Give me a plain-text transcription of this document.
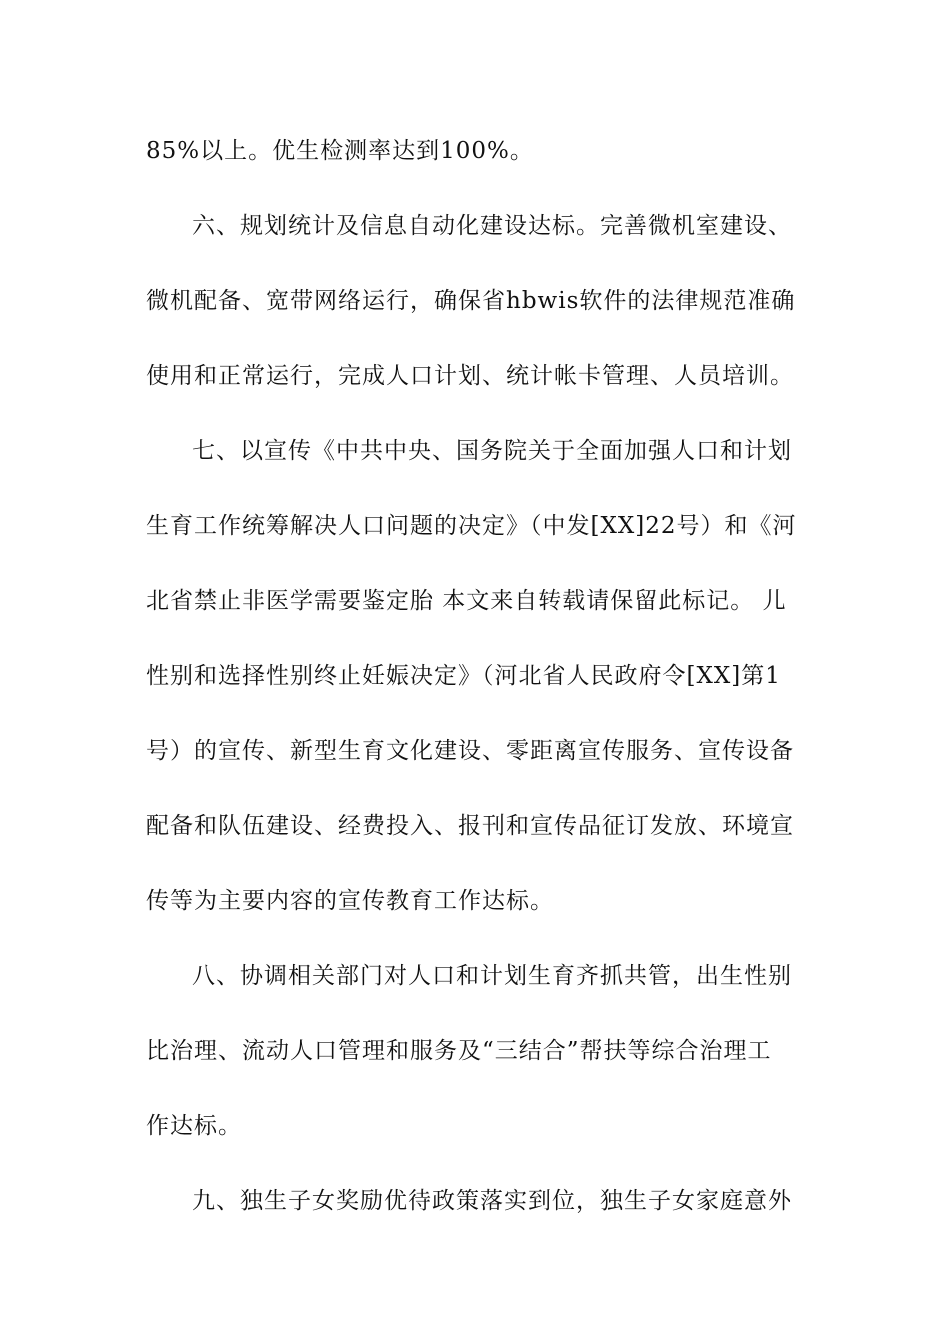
85%以上。优生检测率达到100%。
六、规划统计及信息自动化建设达标。完善微机室建设、
微机配备、宽带网络运行，确保省hbwis软件的法律规范准确
使用和正常运行，完成人口计划、统计帐卡管理、人员培训。
七、以宣传《中共中央、国务院关于全面加强人口和计划
生育工作统筹解决人口问题的决定》（中发[XX]22号）和《河
北省禁止非医学需要鉴定胎 本文来自转载请保留此标记。 儿
性别和选择性别终止妊娠决定》（河北省人民政府令[XX]第1
号）的宣传、新型生育文化建设、零距离宣传服务、宣传设备
配备和队伍建设、经费投入、报刊和宣传品征订发放、环境宣
传等为主要内容的宣传教育工作达标。
八、协调相关部门对人口和计划生育齐抓共管，出生性别
比治理、流动人口管理和服务及“三结合”帮扶等综合治理工
作达标。
九、独生子女奖励优待政策落实到位，独生子女家庭意外
